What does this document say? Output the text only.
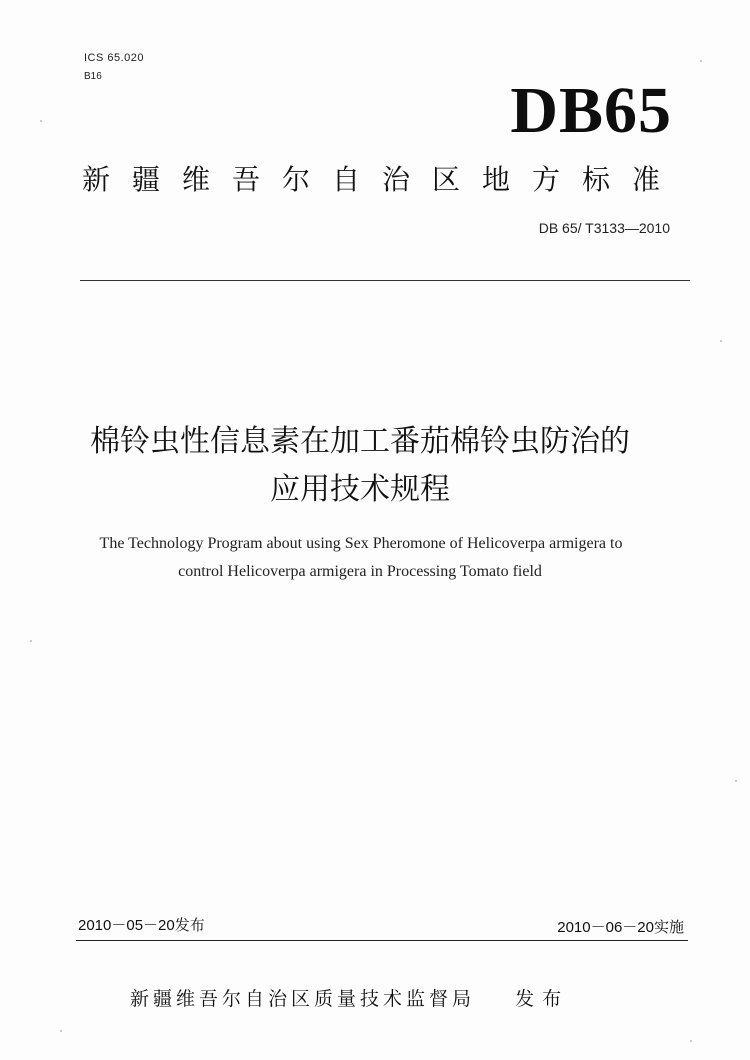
ICS 65.020
B16	DB65
新疆维吾尔自治区地方标准
DB 65/ T3133—2010
棉铃虫性信息素在加工番茄棉铃虫防治的
应用技术规程
The Technology Program about using Sex Pheromone of Helicoverpa armigera to
control Helicoverpa armigera in Processing Tomato field
2010－05－20发布	2010－06－20实施
新疆维吾尔自治区质量技术监督局 发布
